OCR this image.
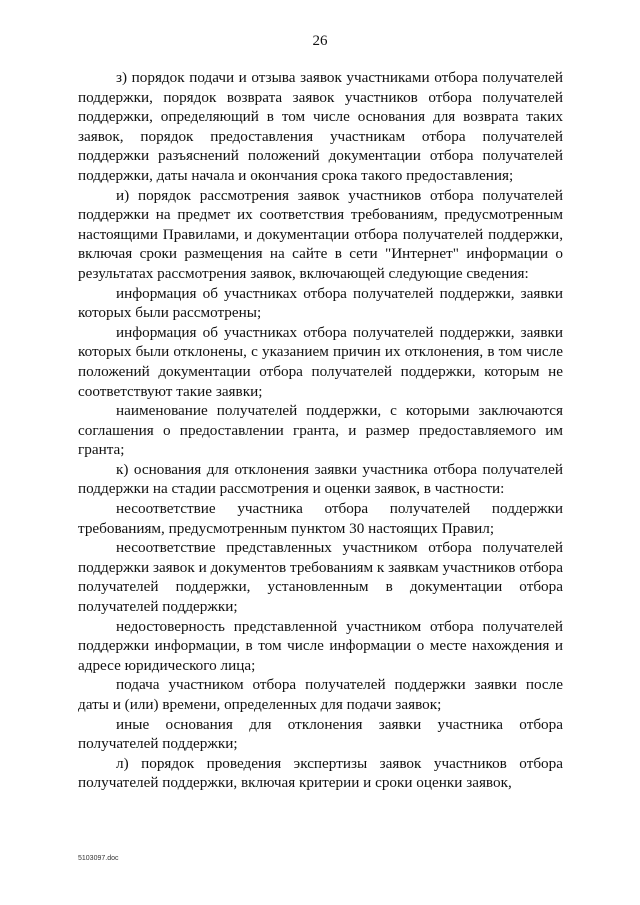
26

з) порядок подачи и отзыва заявок участниками отбора получателей поддержки, порядок возврата заявок участников отбора получателей поддержки, определяющий в том числе основания для возврата таких заявок, порядок предоставления участникам отбора получателей поддержки разъяснений положений документации отбора получателей поддержки, даты начала и окончания срока такого предоставления;

и) порядок рассмотрения заявок участников отбора получателей поддержки на предмет их соответствия требованиям, предусмотренным настоящими Правилами, и документации отбора получателей поддержки, включая сроки размещения на сайте в сети "Интернет" информации о результатах рассмотрения заявок, включающей следующие сведения:

информация об участниках отбора получателей поддержки, заявки которых были рассмотрены;

информация об участниках отбора получателей поддержки, заявки которых были отклонены, с указанием причин их отклонения, в том числе положений документации отбора получателей поддержки, которым не соответствуют такие заявки;

наименование получателей поддержки, с которыми заключаются соглашения о предоставлении гранта, и размер предоставляемого им гранта;

к) основания для отклонения заявки участника отбора получателей поддержки на стадии рассмотрения и оценки заявок, в частности:

несоответствие участника отбора получателей поддержки требованиям, предусмотренным пунктом 30 настоящих Правил;

несоответствие представленных участником отбора получателей поддержки заявок и документов требованиям к заявкам участников отбора получателей поддержки, установленным в документации отбора получателей поддержки;

недостоверность представленной участником отбора получателей поддержки информации, в том числе информации о месте нахождения и адресе юридического лица;

подача участником отбора получателей поддержки заявки после даты и (или) времени, определенных для подачи заявок;

иные основания для отклонения заявки участника отбора получателей поддержки;

л) порядок проведения экспертизы заявок участников отбора получателей поддержки, включая критерии и сроки оценки заявок,

5103097.doc
